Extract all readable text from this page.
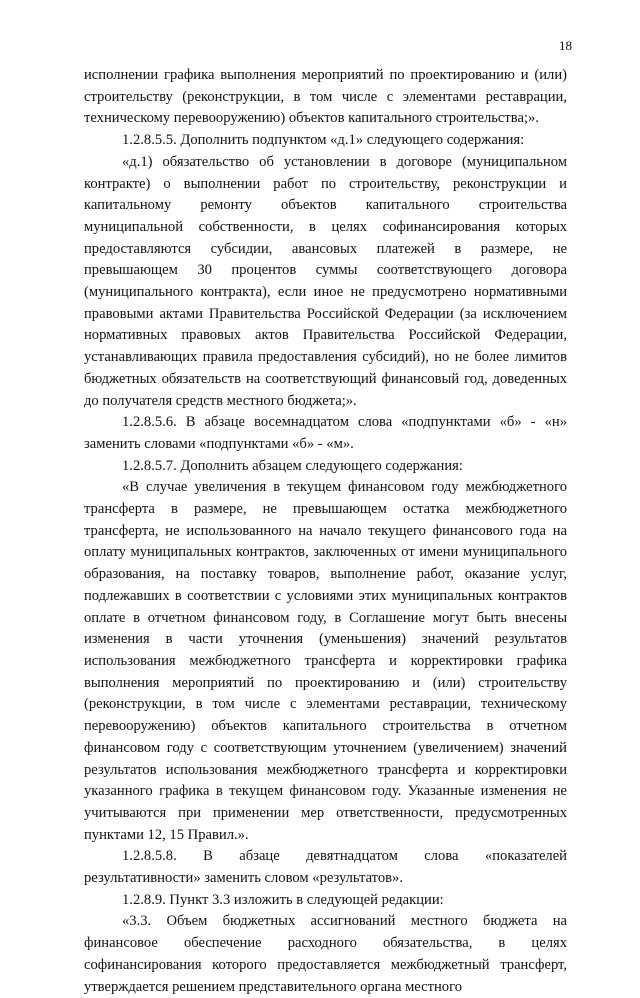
18

исполнении графика выполнения мероприятий по проектированию и (или) строительству (реконструкции, в том числе с элементами реставрации, техническому перевооружению) объектов капитального строительства;».

1.2.8.5.5. Дополнить подпунктом «д.1» следующего содержания:

«д.1) обязательство об установлении в договоре (муниципальном контракте) о выполнении работ по строительству, реконструкции и капитальному ремонту объектов капитального строительства муниципальной собственности, в целях софинансирования которых предоставляются субсидии, авансовых платежей в размере, не превышающем 30 процентов суммы соответствующего договора (муниципального контракта), если иное не предусмотрено нормативными правовыми актами Правительства Российской Федерации (за исключением нормативных правовых актов Правительства Российской Федерации, устанавливающих правила предоставления субсидий), но не более лимитов бюджетных обязательств на соответствующий финансовый год, доведенных до получателя средств местного бюджета;».

1.2.8.5.6. В абзаце восемнадцатом слова «подпунктами «б» - «н» заменить словами «подпунктами «б» - «м».

1.2.8.5.7. Дополнить абзацем следующего содержания:

«В случае увеличения в текущем финансовом году межбюджетного трансферта в размере, не превышающем остатка межбюджетного трансферта, не использованного на начало текущего финансового года на оплату муниципальных контрактов, заключенных от имени муниципального образования, на поставку товаров, выполнение работ, оказание услуг, подлежавших в соответствии с условиями этих муниципальных контрактов оплате в отчетном финансовом году, в Соглашение могут быть внесены изменения в части уточнения (уменьшения) значений результатов использования межбюджетного трансферта и корректировки графика выполнения мероприятий по проектированию и (или) строительству (реконструкции, в том числе с элементами реставрации, техническому перевооружению) объектов капитального строительства в отчетном финансовом году с соответствующим уточнением (увеличением) значений результатов использования межбюджетного трансферта и корректировки указанного графика в текущем финансовом году. Указанные изменения не учитываются при применении мер ответственности, предусмотренных пунктами 12, 15 Правил.».

1.2.8.5.8. В абзаце девятнадцатом слова «показателей результативности» заменить словом «результатов».

1.2.8.9. Пункт 3.3 изложить в следующей редакции:

«3.3. Объем бюджетных ассигнований местного бюджета на финансовое обеспечение расходного обязательства, в целях софинансирования которого предоставляется межбюджетный трансферт, утверждается решением представительного органа местного
